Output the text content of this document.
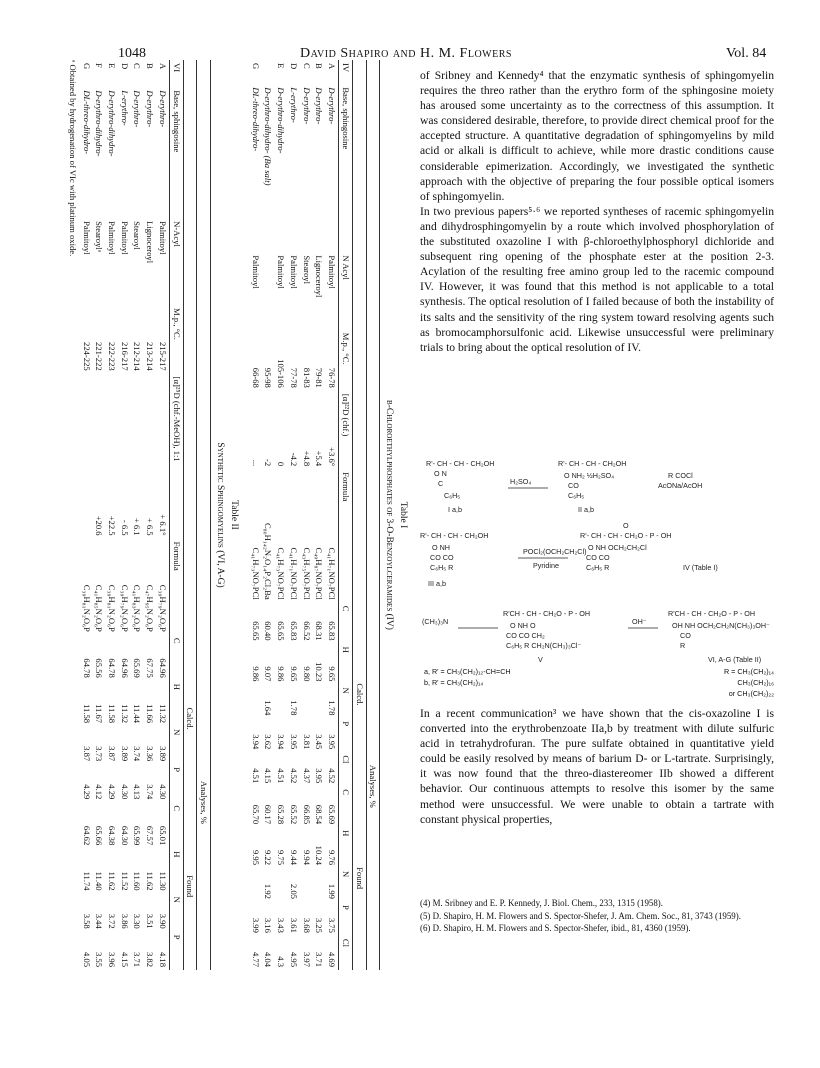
1048	David Shapiro and H. M. Flowers	Vol. 84
Table I
β-Chloroethylphosphates of 3-O-Benzoylceramides (IV)
						Analyses, %									
						Calcd.					Found				
IV	Base, sphingosine	N Acyl	M.p., °C.	[α]²²D (chf.)	Formula	C	H	N	P	Cl	C	H	N	P	Cl
A	D-erythro-	Palmitoyl	76-78	+3.6°	C₄₁H₇₁NO₇PCl	65.83	9.65	1.78	3.95	4.52	65.69	9.76	1.99	3.75	4.69
B	D-erythro-	Lignoceroyl	79-81	+5.4	C₄₉H₈₇NO₇PCl	68.31	10.23		3.45	3.95	68.54	10.24		3.25	3.71
C	D-erythro-	Stearoyl	81-83	+4.8	C₄₃H₇₅NO₇PCl	66.52	9.80		3.81	4.37	66.85	9.94		3.68	3.97
D	L-erythro-	Palmitoyl	77-78	-4.2	C₄₁H₇₁NO₇PCl	65.83	9.65	1.78	3.95	4.52	65.52	9.44	2.05	3.61	4.95
E	D-erythro-dihydro-	Palmitoyl	105-106	0	C₄₁H₇₃NO₇PCl	65.65	9.86		3.94	4.51	65.28	9.75		3.43	4.3
	D-erythro-dihydro- (Ba salt)		95-98	-2	C₈₀H₁₄₂N₂O₁₄P₂Cl₂Ba	60.40	9.07	1.64	3.62	4.15	60.17	9.22	1.92	3.16	4.04
G	DL-threo-dihydro-	Palmitoyl	66-68	...	C₄₁H₇₃NO₇PCl	65.65	9.86		3.94	4.51	65.70	9.95		3.99	4.77
Table II
Synthetic Sphingomyelins (VI, A-G)
						Analyses, %							
						Calcd.				Found			
VI	Base, sphingosine	N-Acyl	M.p., °C.	[α]²⁵D (chf.-MeOH), 1:1	Formula	C	H	N	P	C	H	N	P
A	D-erythro-	Palmitoyl	215-217	+ 6.1°	C₃₉H₇₉N₂O₆P	64.96	11.32	3.89	4.30	65.01	11.30	3.90	4.18
B	D-erythro-	Lignoceroyl	213-214	+ 6.5	C₄₇H₉₅N₂O₆P	67.75	11.66	3.36	3.74	67.57	11.62	3.51	3.82
C	D-erythro-	Stearoyl	212-214	+ 6.1	C₄₁H₈₃N₂O₆P	65.69	11.44	3.74	4.13	65.99	11.60	3.30	3.71
D	L-erythro-	Palmitoyl	216-217	- 6.5	C₃₉H₇₉N₂O₆P	64.96	11.32	3.89	4.30	64.30	11.52	3.86	4.15
E	D-erythro-dihydro-	Palmitoyl	222-223	+22.5	C₃₉H₈₁N₂O₆P	64.78	11.58	3.87	4.29	64.38	11.62	3.72	3.96
F	D-erythro-dihydro-	Stearoylᵃ	221-222	+20.6	C₄₁H₈₅N₂O₆P	65.56	11.67	3.73	4.12	65.66	11.40	3.44	3.55
G	DL-threo-dihydro-	Palmitoyl	224-225		C₃₉H₈₁N₂O₆P	64.78	11.58	3.87	4.29	64.62	11.74	3.58	4.05
ᵃ Obtained by hydrogenation of VIc with platinum oxide.	of Sribney and Kennedy⁴ that the enzymatic synthesis of sphingomyelin requires the threo rather than the erythro form of the sphingosine moiety has aroused some uncertainty as to the correctness of this assumption. It was considered desirable, therefore, to provide direct chemical proof for the accepted structure. A quantitative degradation of sphingomyelins by mild acid or alkali is difficult to achieve, while more drastic conditions cause considerable epimerization. Accordingly, we investigated the synthetic approach with the objective of preparing the four possible optical isomers of sphingomyelin.

In two previous papers⁵·⁶ we reported syntheses of racemic sphingomyelin and dihydrosphingomyelin by a route which involved phosphorylation of the substituted oxazoline I with β-chloroethylphosphoryl dichloride and subsequent ring opening of the phosphate ester at the position 2-3. Acylation of the resulting free amino group led to the racemic compound IV. However, it was found that this method is not applicable to a total synthesis. The optical resolution of I failed because of both the instability of its salts and the sensitivity of the ring system toward resolving agents such as bromocamphorsulfonic acid. Likewise unsuccessful were preliminary trials to bring about the optical resolution of IV.

R'- CH - CH - CH₂OH
O N
C
C₆H₅
I a,b
H₂SO₄
R'- CH - CH - CH₂OH
O NH₂ ½H₂SO₄
CO
C₆H₅
II a,b
R COCl
AcONa/AcOH
R'- CH - CH - CH₂OH
O NH
CO CO
C₆H₅ R
III a,b
POCl₂(OCH₂CH₂Cl)
Pyridine
O
R'- CH - CH - CH₂O - P - OH
O NH OCH₂CH₂Cl
CO CO
C₆H₅ R	IV (Table I)
(CH₃)₃N
R'CH - CH - CH₂O - P - OH
O NH O
CO CO CH₂
C₆H₅ R CH₂N(CH₃)₃Cl⁻
V
OH⁻
R'CH - CH - CH₂O - P - OH
OH NH OCH₂CH₂N(CH₃)₃OH⁻
CO
R
VI, A-G (Table II)
a, R' = CH₃(CH₂)₁₂-CH=CH	R = CH₃(CH₂)₁₄
b, R' = CH₃(CH₂)₁₄	CH₃(CH₂)₁₆
or CH₃(CH₂)₂₂

In a recent communication³ we have shown that the cis-oxazoline I is converted into the erythrobenzoate IIa,b by treatment with dilute sulfuric acid in tetrahydrofuran. The pure sulfate obtained in quantitative yield could be easily resolved by means of barium D- or L-tartrate. Surprisingly, it was now found that the threo-diastereomer IIb showed a different behavior. Our continuous attempts to resolve this isomer by the same method were unsuccessful. We were unable to obtain a tartrate with constant physical properties,

(4) M. Sribney and E. P. Kennedy, J. Biol. Chem., 233, 1315 (1958).
(5) D. Shapiro, H. M. Flowers and S. Spector-Shefer, J. Am. Chem. Soc., 81, 3743 (1959).
(6) D. Shapiro, H. M. Flowers and S. Spector-Shefer, ibid., 81, 4360 (1959).
